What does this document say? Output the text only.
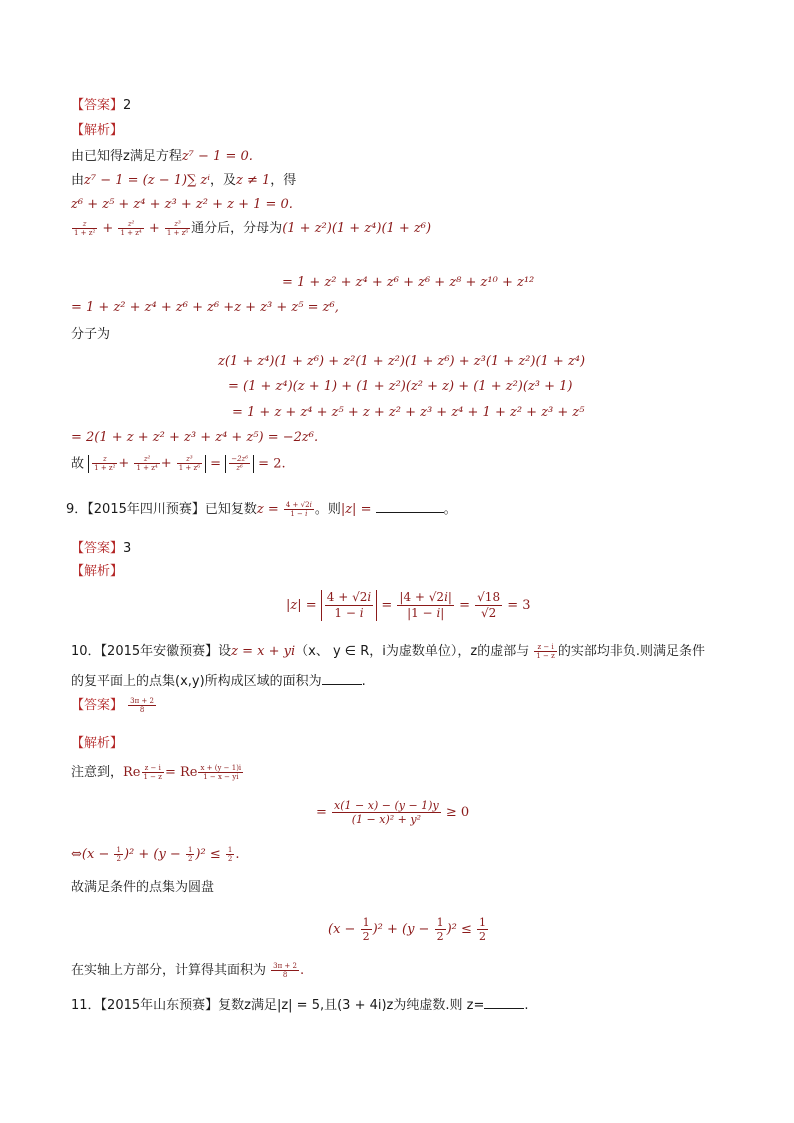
【答案】2
【解析】
由已知得z满足方程z⁷ − 1 = 0.
由z⁷ − 1 = (z − 1)∑ zⁱ，及z ≠ 1，得
z⁶ + z⁵ + z⁴ + z³ + z² + z + 1 = 0.
$\frac{z}{\text{1 + z²}} + \frac{\text{z²}}{\text{1 + z⁴}} + \frac{\text{z³}}{\text{1 + z⁶}}$ 通分后，分母为(1 + z²)(1 + z⁴)(1 + z⁶)
= 1 + z² + z⁴ + z⁶ + z⁶ + z⁸ + z¹⁰ + z¹²
= 1 + z² + z⁴ + z⁶ + z⁶ +z + z³ + z⁵ = z⁶,
分子为
z(1 + z⁴)(1 + z⁶) + z²(1 + z²)(1 + z⁶) + z³(1 + z²)(1 + z⁴)
= (1 + z⁴)(z + 1) + (1 + z²)(z² + z) + (1 + z²)(z³ + 1)
= 1 + z + z⁴ + z⁵ + z + z² + z³ + z⁴ + 1 + z² + z³ + z⁵
= 2(1 + z + z² + z³ + z⁴ + z⁵) = −2z⁶.
故 $\frac{z}{\text{1 + z²}} + \frac{\text{z²}}{\text{1 + z⁴}} + \frac{\text{z³}}{\text{1 + z⁶}} = \frac{\text{−2z⁶}}{\text{z⁶}} = 2$.
9．【2015年四川预赛】已知复数$z = \frac{4 + √2i}{1 - i}$ 。则|z| =	。
【答案】3
【解析】
$|z| = \frac{4 + √2i}{1 - i} = \frac{|4 + √2i|}{|1 - i|} = \frac{√18}{√2} = 3$
10．【2015年安徽预赛】设z = x + yi（x、 y ∈ R，i为虚数单位），z的虚部与 $\frac{z - i}{1 - z}$ 的实部均非负.则满足条件
的复平面上的点集(x,y)所构成区域的面积为	.
【答案】 $\frac{3\pi + 2}{8}$
【解析】
注意到，Re $\frac{z - i}{1 - z} = Re \frac{x + (y - 1)i}{1 - x - yi}$
= $\frac{x(1 - x) - (y - 1)y}{\text{(1 − x)² + y²}} \ge 0$
⇔(x − $\frac{1}{2} )^2 + (y - \frac{1}{2} )^2 \le \frac{1}{2}$ .
故满足条件的点集为圆盘
$(x - \frac{1}{2} )^2 + (y - \frac{1}{2} )^2 \le \frac{1}{2}$
在实轴上方部分，计算得其面积为 $\frac{3\pi + 2}{8}$ .
11．【2015年山东预赛】复数z满足|z| = 5,且(3 + 4i)z为纯虚数.则 z=	.
